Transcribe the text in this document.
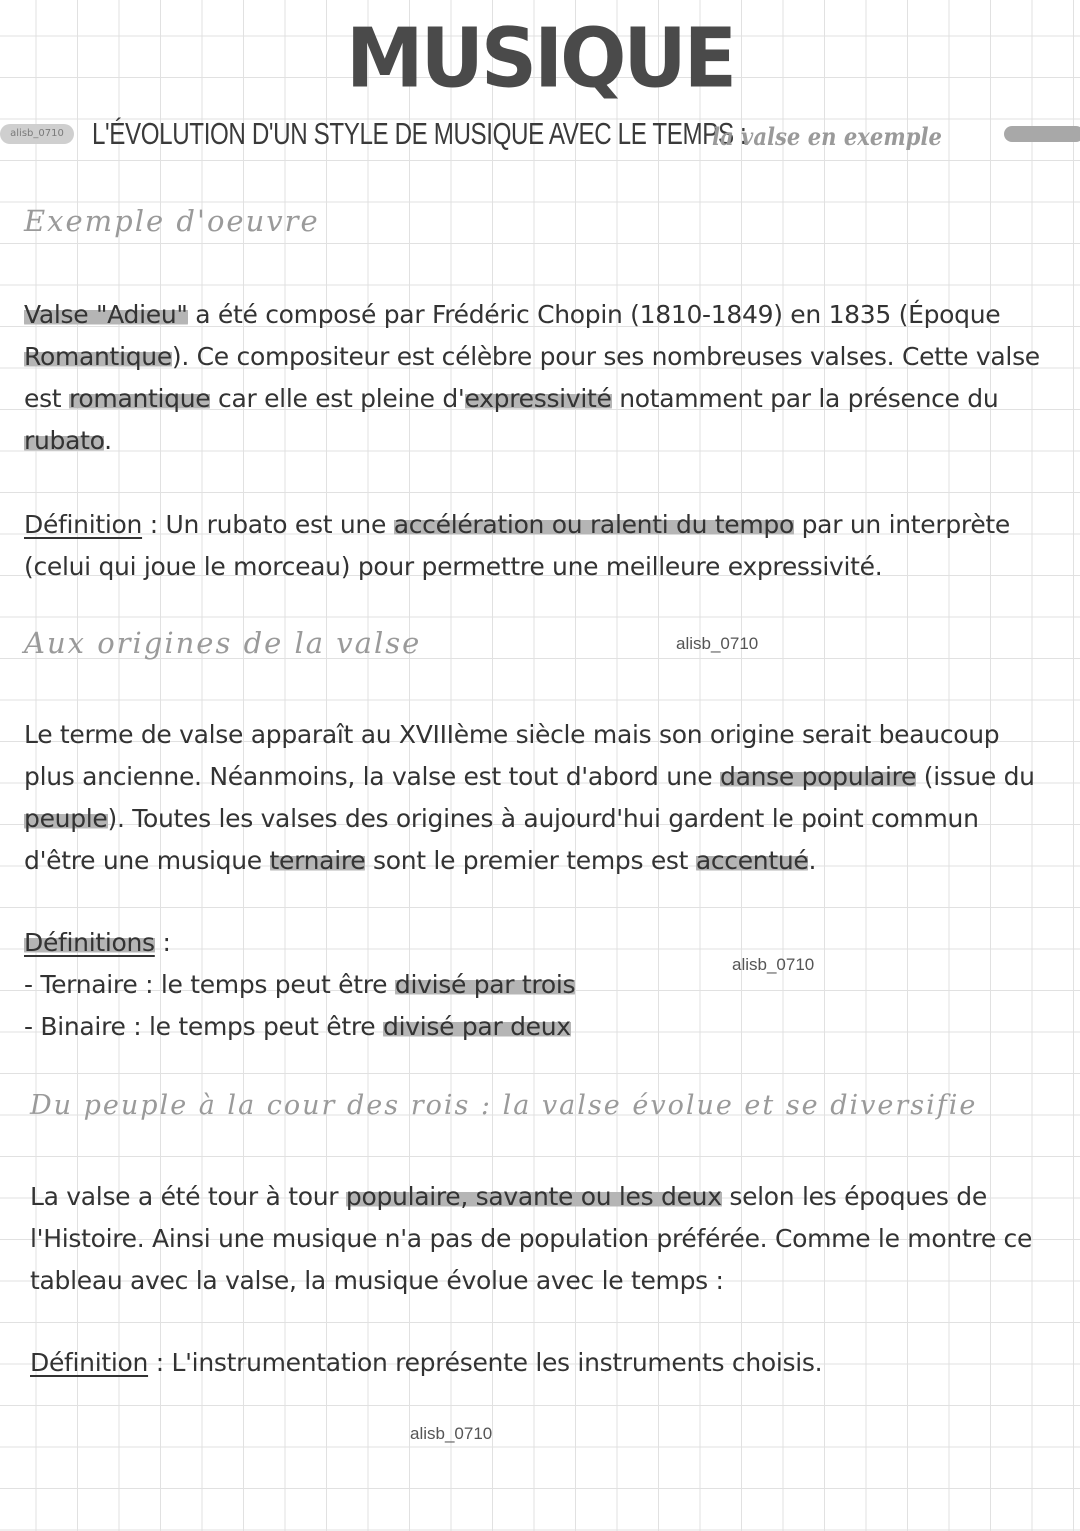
MUSIQUE
alisb_0710 L'ÉVOLUTION D'UN STYLE DE MUSIQUE AVEC LE TEMPS :
la valse en exemple
Exemple d'oeuvre
Valse "Adieu" a été composé par Frédéric Chopin (1810-1849) en 1835 (Époque Romantique). Ce compositeur est célèbre pour ses nombreuses valses. Cette valse est romantique car elle est pleine d'expressivité notamment par la présence du rubato.
Définition : Un rubato est une accélération ou ralenti du tempo par un interprète (celui qui joue le morceau) pour permettre une meilleure expressivité.
Aux origines de la valse	alisb_0710
Le terme de valse apparaît au XVIIIème siècle mais son origine serait beaucoup plus ancienne. Néanmoins, la valse est tout d'abord une danse populaire (issue du peuple). Toutes les valses des origines à aujourd'hui gardent le point commun d'être une musique ternaire sont le premier temps est accentué.
Définitions :
- Ternaire : le temps peut être divisé par trois
- Binaire : le temps peut être divisé par deux
alisb_0710
Du peuple à la cour des rois : la valse évolue et se diversifie
La valse a été tour à tour populaire, savante ou les deux selon les époques de l'Histoire. Ainsi une musique n'a pas de population préférée. Comme le montre ce tableau avec la valse, la musique évolue avec le temps :
Définition : L'instrumentation représente les instruments choisis.
alisb_0710
